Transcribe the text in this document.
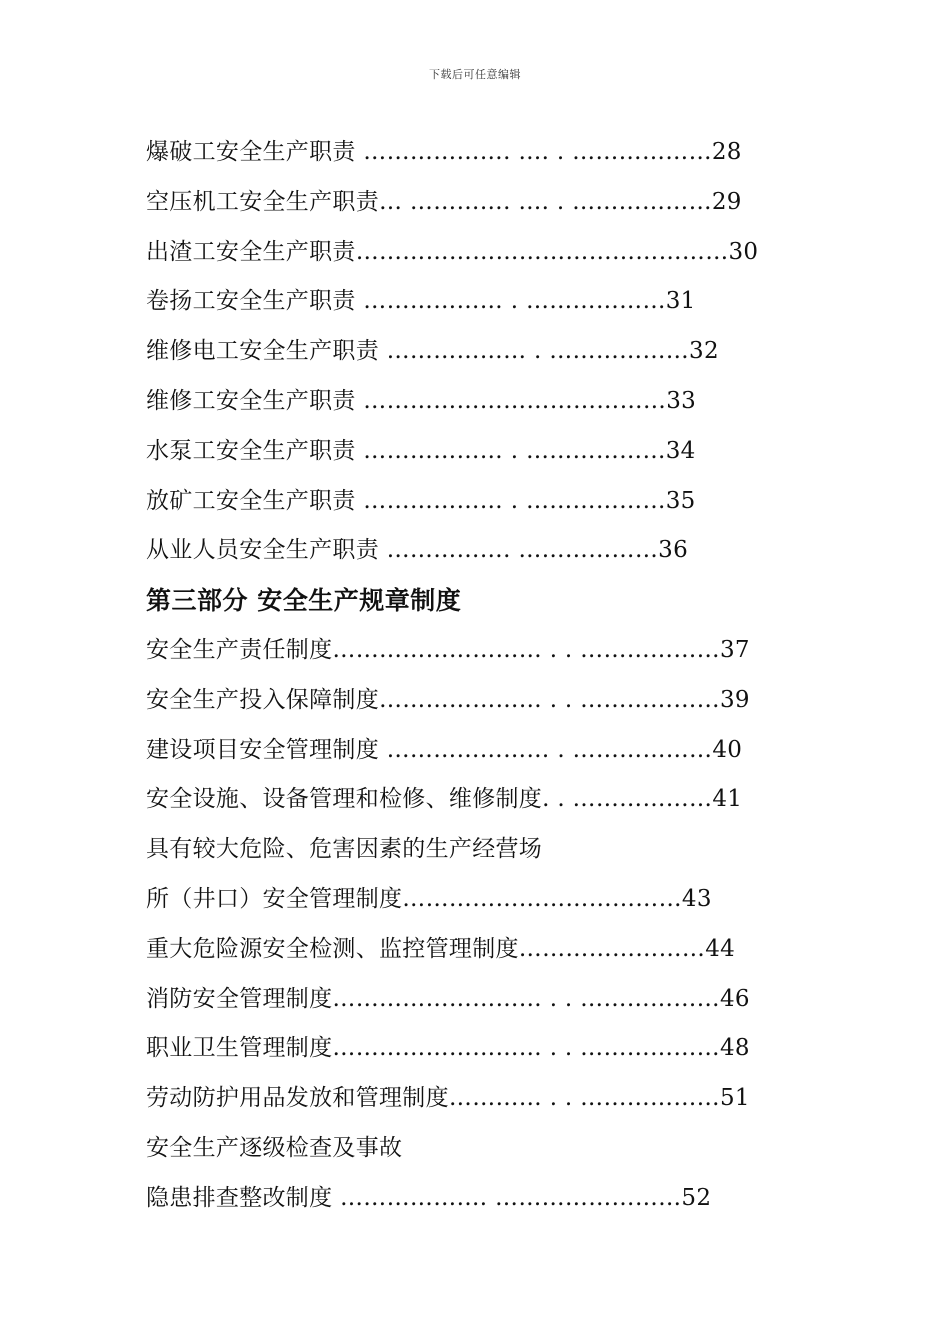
下载后可任意编辑
爆破工安全生产职责 ………………. …. . ………………28
空压机工安全生产职责… …………. …. . ………………29
出渣工安全生产职责…………………………………………30
卷扬工安全生产职责 ……………… . ………………31
维修电工安全生产职责 ……………… . ………………32
维修工安全生产职责 …………………………………33
水泵工安全生产职责 ……………… . ………………34
放矿工安全生产职责 ……………… . ………………35
从业人员安全生产职责 ……………. ………………36
第三部分 安全生产规章制度
安全生产责任制度……………………… . . ………………37
安全生产投入保障制度………………… . . ………………39
建设项目安全管理制度 ………………… . ………………40
安全设施、设备管理和检修、维修制度. . ………………41
具有较大危险、危害因素的生产经营场
所（井口）安全管理制度………………………………43
重大危险源安全检测、监控管理制度……………………44
消防安全管理制度……………………… . . ………………46
职业卫生管理制度……………………… . . ………………48
劳动防护用品发放和管理制度………… . . ………………51
安全生产逐级检查及事故
隐患排查整改制度 ………………. ……………………52
